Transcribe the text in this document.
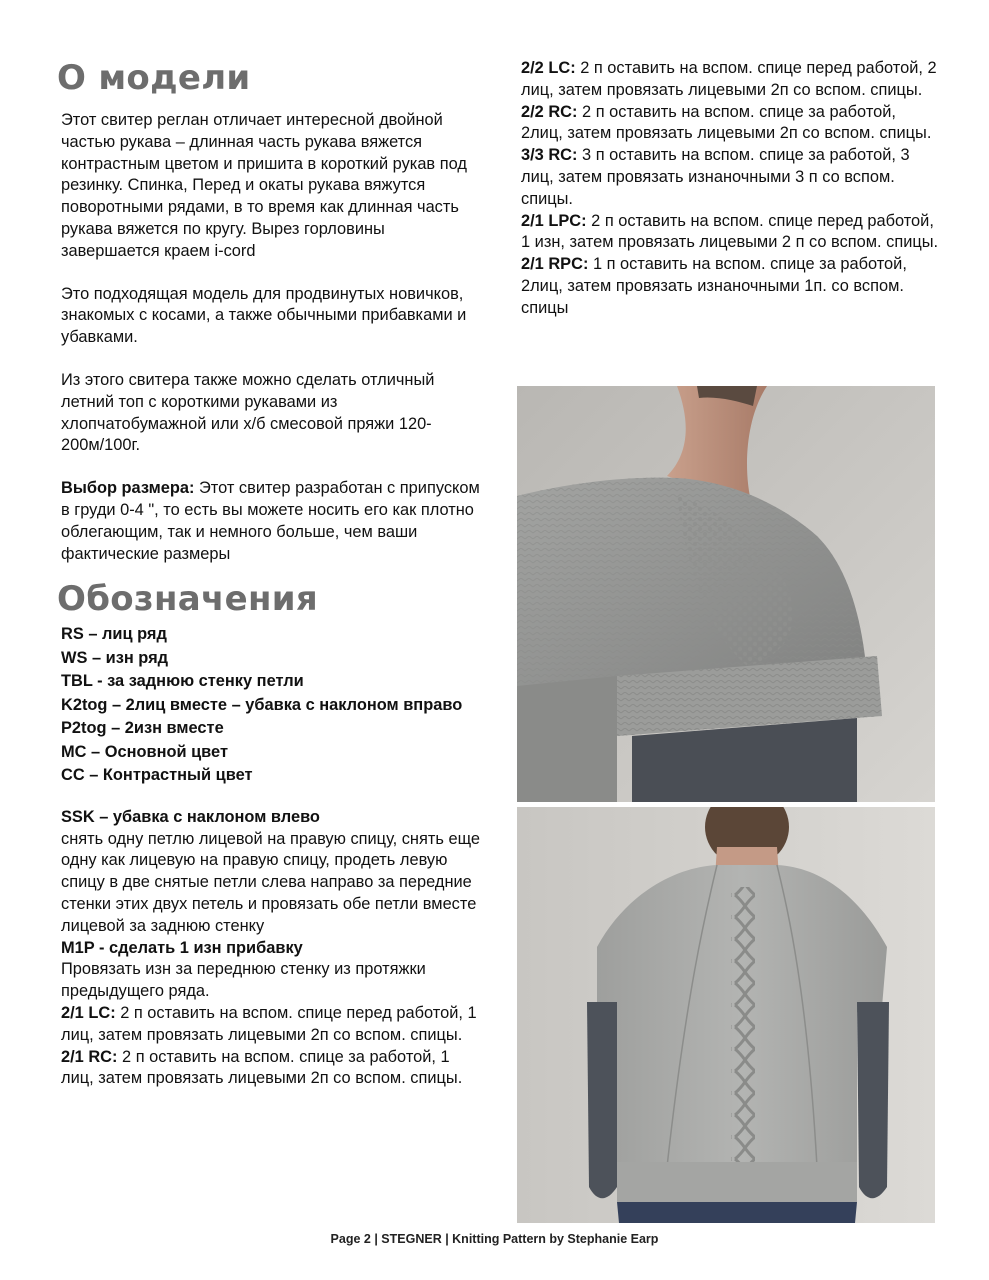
О модели

Этот свитер реглан отличает интересной двойной частью рукава – длинная часть рукава вяжется контрастным цветом и пришита в короткий рукав под резинку. Спинка, Перед и окаты рукава вяжутся поворотными рядами, в то время как длинная часть рукава вяжется по кругу. Вырез горловины завершается краем i-cord

Это подходящая модель для продвинутых новичков, знакомых с косами, а также обычными прибавками и убавками.

Из этого свитера также можно сделать отличный летний топ с короткими рукавами из хлопчатобумажной или х/б смесовой пряжи 120-200м/100г.

Выбор размера: Этот свитер разработан с припуском в груди 0-4 ", то есть вы можете носить его как плотно облегающим, так и немного больше, чем ваши фактические размеры

Обозначения
RS – лиц ряд
WS – изн ряд
TBL - за заднюю стенку петли
K2tog – 2лиц вместе – убавка с наклоном вправо
P2tog – 2изн вместе
MC – Основной цвет
CC – Контрастный цвет

SSK – убавка с наклоном влево

снять одну петлю лицевой на правую спицу, снять еще одну как лицевую на правую спицу, продеть левую спицу в две снятые петли слева направо за передние стенки этих двух петель и провязать обе петли вместе лицевой за заднюю стенку

M1P - сделать 1 изн прибавку

Провязать изн за переднюю стенку из протяжки предыдущего ряда.

2/1 LC: 2 п оставить на вспом. спице перед работой, 1 лиц, затем провязать лицевыми 2п со вспом. спицы.

2/1 RC: 2 п оставить на вспом. спице за работой, 1 лиц, затем провязать лицевыми 2п со вспом. спицы.

2/2 LC: 2 п оставить на вспом. спице перед работой, 2 лиц, затем провязать лицевыми 2п со вспом. спицы.

2/2 RC: 2 п оставить на вспом. спице за работой, 2лиц, затем провязать лицевыми 2п со вспом. спицы.

3/3 RC: 3 п оставить на вспом. спице за работой, 3 лиц, затем провязать изнаночными 3 п со вспом. спицы.

2/1 LPC: 2 п оставить на вспом. спице перед работой, 1 изн, затем провязать лицевыми 2 п со вспом. спицы.

2/1 RPC: 1 п оставить на вспом. спице за работой, 2лиц, затем провязать изнаночными 1п. со вспом. спицы

Page 2 | STEGNER | Knitting Pattern by Stephanie Earp
